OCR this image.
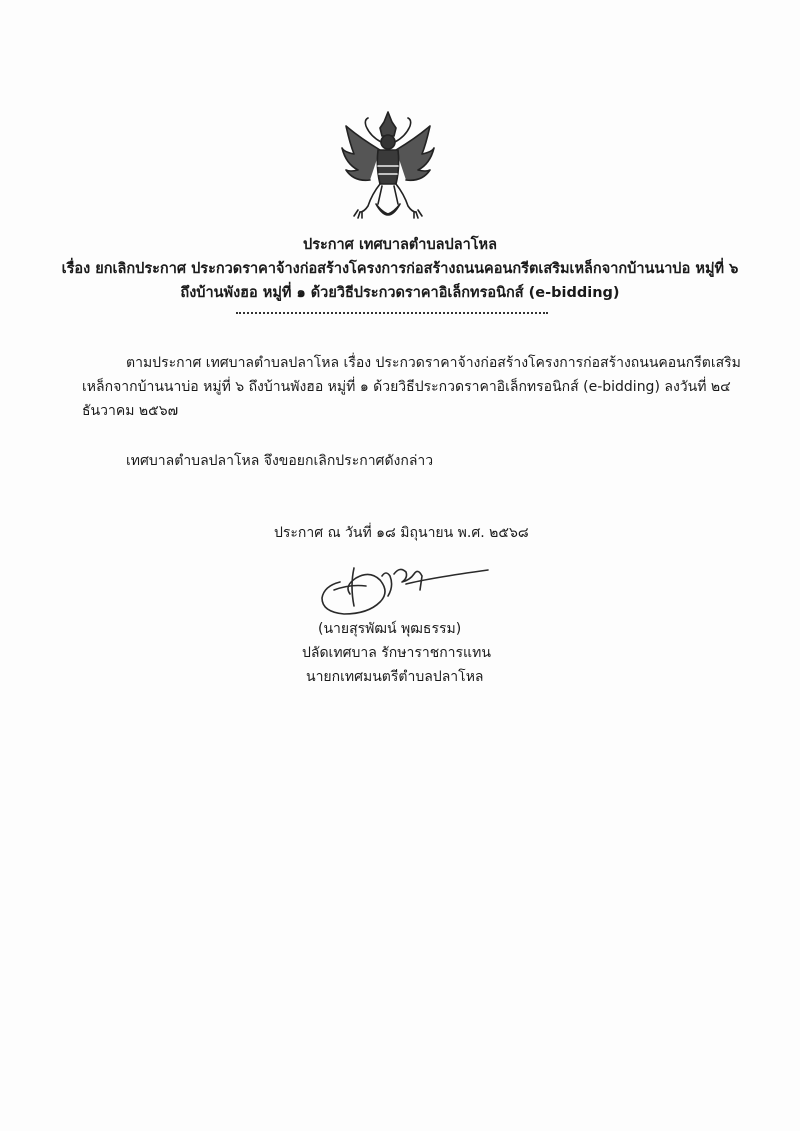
ประกาศ เทศบาลตำบลปลาโหล
เรื่อง ยกเลิกประกาศ ประกวดราคาจ้างก่อสร้างโครงการก่อสร้างถนนคอนกรีตเสริมเหล็กจากบ้านนาบ่อ หมู่ที่ ๖
ถึงบ้านพังฮอ หมู่ที่ ๑ ด้วยวิธีประกวดราคาอิเล็กทรอนิกส์ (e-bidding)
ตามประกาศ เทศบาลตำบลปลาโหล เรื่อง ประกวดราคาจ้างก่อสร้างโครงการก่อสร้างถนนคอนกรีตเสริม
เหล็กจากบ้านนาบ่อ หมู่ที่ ๖ ถึงบ้านพังฮอ หมู่ที่ ๑ ด้วยวิธีประกวดราคาอิเล็กทรอนิกส์ (e-bidding) ลงวันที่ ๒๔
ธันวาคม ๒๕๖๗
เทศบาลตำบลปลาโหล จึงขอยกเลิกประกาศดังกล่าว
ประกาศ ณ วันที่ ๑๘ มิถุนายน พ.ศ. ๒๕๖๘
(นายสุรพัฒน์ พุฒธรรม)
ปลัดเทศบาล รักษาราชการแทน
นายกเทศมนตรีตำบลปลาโหล
